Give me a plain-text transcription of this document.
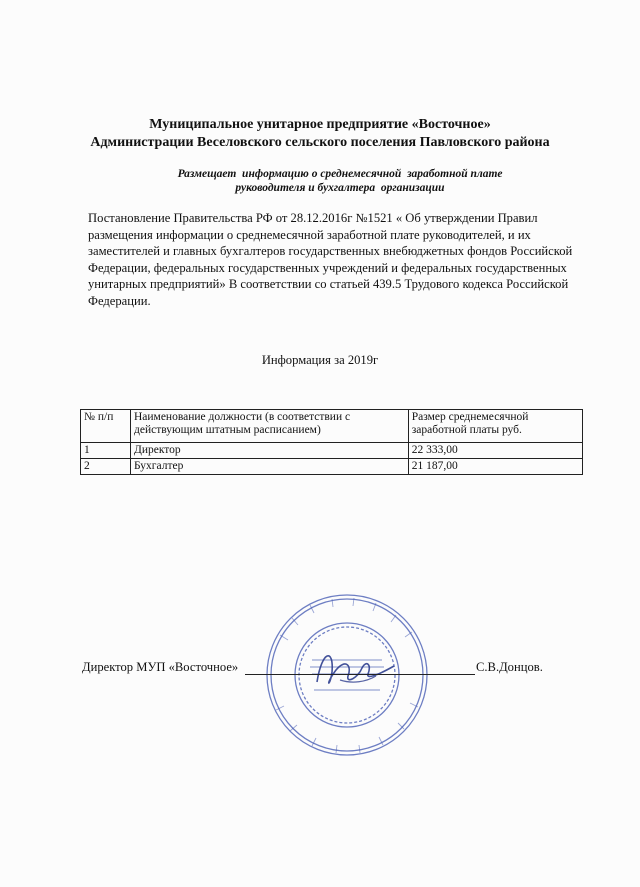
Муниципальное унитарное предприятие «Восточное»
Администрации Веселовского сельского поселения Павловского района
Размещает  информацию о среднемесячной  заработной плате
руководителя и бухгалтера  организации
Постановление Правительства РФ от 28.12.2016г №1521 « Об утверждении Правил
размещения информации о среднемесячной заработной плате руководителей, и их
заместителей и главных бухгалтеров государственных внебюджетных фондов Российской
Федерации, федеральных государственных учреждений и федеральных государственных
унитарных предприятий» В соответствии со статьей 439.5 Трудового кодекса Российской
Федерации.
Информация за 2019г
№ п/п	Наименование должности (в соответствии с действующим штатным расписанием)	Размер среднемесячной заработной платы руб.
1	Директор	22 333,00
2	Бухгалтер	21 187,00
Директор МУП «Восточное»	С.В.Донцов.
